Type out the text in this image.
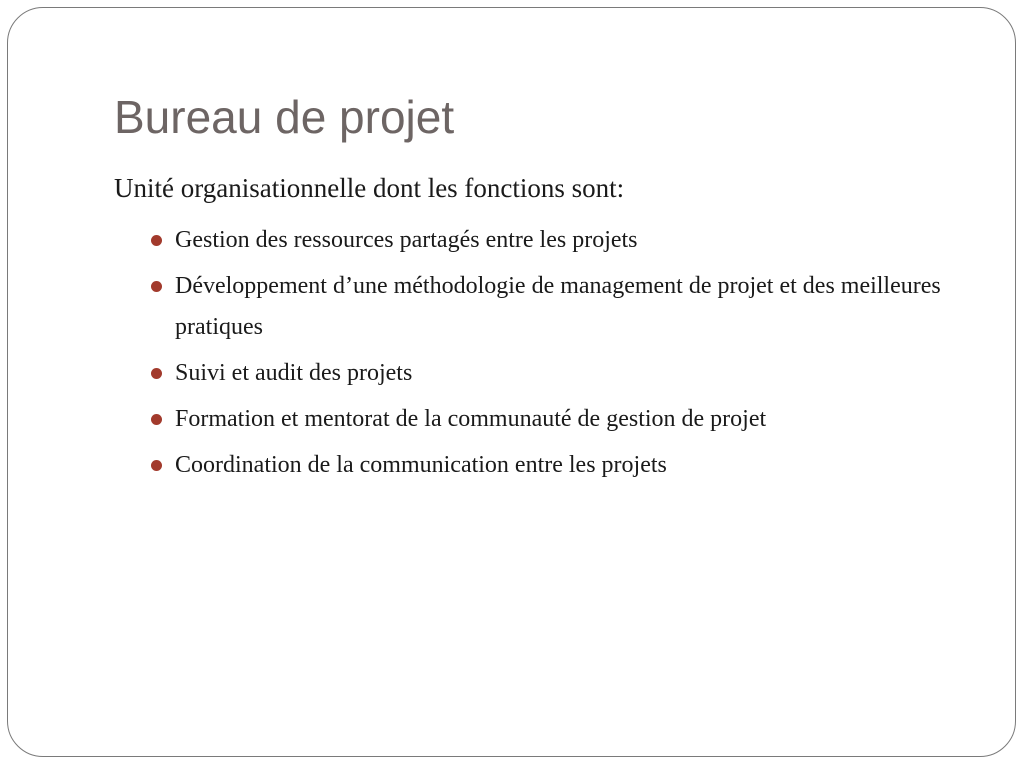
Bureau de projet

Unité organisationnelle dont les fonctions sont:

Gestion des ressources partagés entre les projets
Développement d’une méthodologie de management de projet et des meilleures pratiques
Suivi et audit des projets
Formation et mentorat de la communauté de gestion de projet
Coordination de la communication entre les projets
